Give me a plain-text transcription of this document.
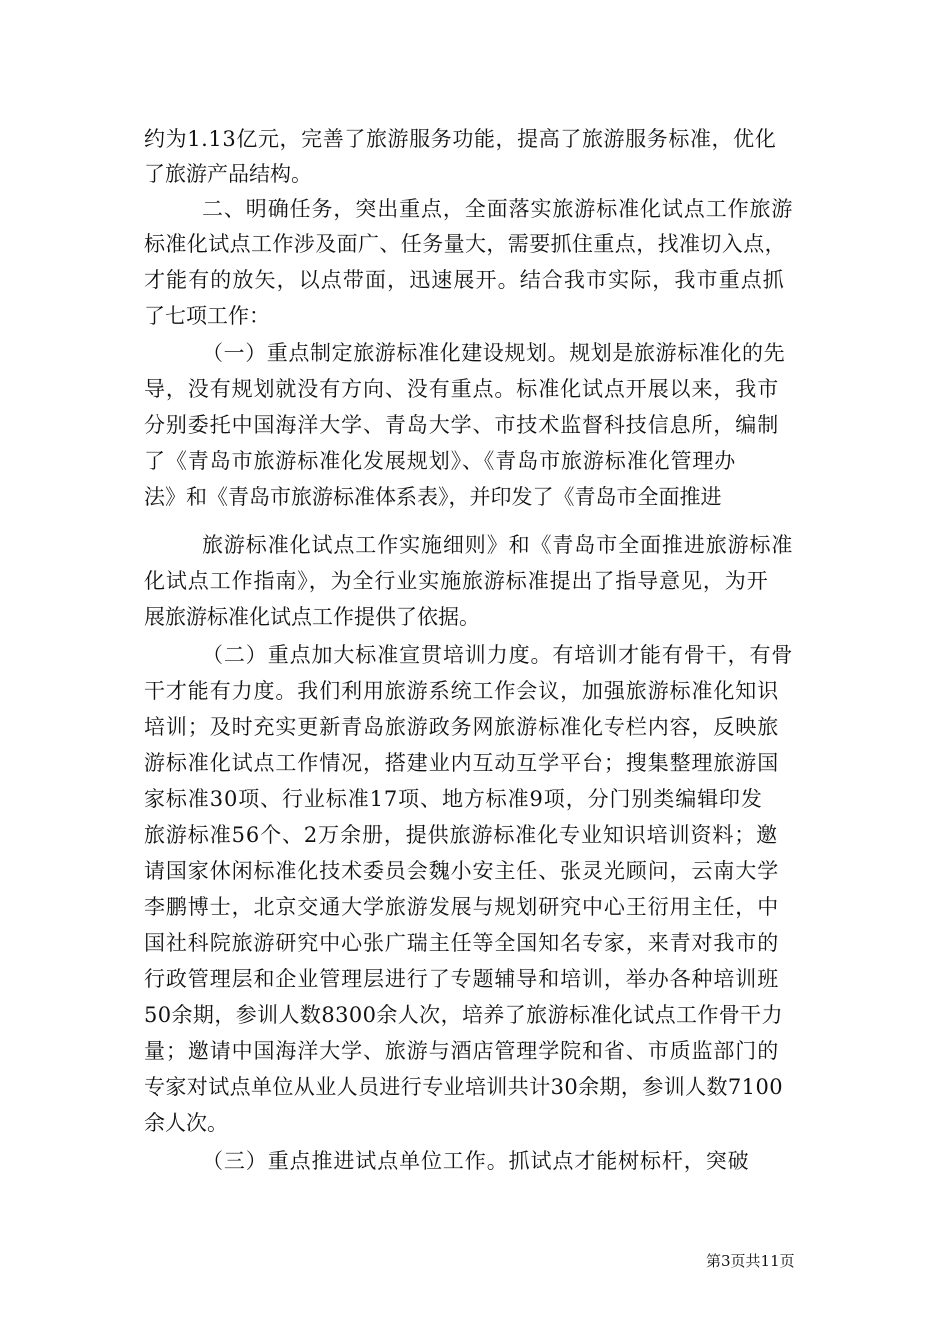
约为1.13亿元，完善了旅游服务功能，提高了旅游服务标准，优化
了旅游产品结构。
二、明确任务，突出重点，全面落实旅游标准化试点工作旅游
标准化试点工作涉及面广、任务量大，需要抓住重点，找准切入点，
才能有的放矢，以点带面，迅速展开。结合我市实际，我市重点抓
了七项工作：
（一）重点制定旅游标准化建设规划。规划是旅游标准化的先
导，没有规划就没有方向、没有重点。标准化试点开展以来，我市
分别委托中国海洋大学、青岛大学、市技术监督科技信息所，编制
了《青岛市旅游标准化发展规划》、《青岛市旅游标准化管理办
法》和《青岛市旅游标准体系表》，并印发了《青岛市全面推进
旅游标准化试点工作实施细则》和《青岛市全面推进旅游标准
化试点工作指南》，为全行业实施旅游标准提出了指导意见，为开
展旅游标准化试点工作提供了依据。
（二）重点加大标准宣贯培训力度。有培训才能有骨干，有骨
干才能有力度。我们利用旅游系统工作会议，加强旅游标准化知识
培训；及时充实更新青岛旅游政务网旅游标准化专栏内容，反映旅
游标准化试点工作情况，搭建业内互动互学平台；搜集整理旅游国
家标准30项、行业标准17项、地方标准9项，分门别类编辑印发
旅游标准56个、2万余册，提供旅游标准化专业知识培训资料；邀
请国家休闲标准化技术委员会魏小安主任、张灵光顾问，云南大学
李鹏博士，北京交通大学旅游发展与规划研究中心王衍用主任，中
国社科院旅游研究中心张广瑞主任等全国知名专家，来青对我市的
行政管理层和企业管理层进行了专题辅导和培训，举办各种培训班
50余期，参训人数8300余人次，培养了旅游标准化试点工作骨干力
量；邀请中国海洋大学、旅游与酒店管理学院和省、市质监部门的
专家对试点单位从业人员进行专业培训共计30余期，参训人数7100
余人次。
（三）重点推进试点单位工作。抓试点才能树标杆，突破
第3页共11页
